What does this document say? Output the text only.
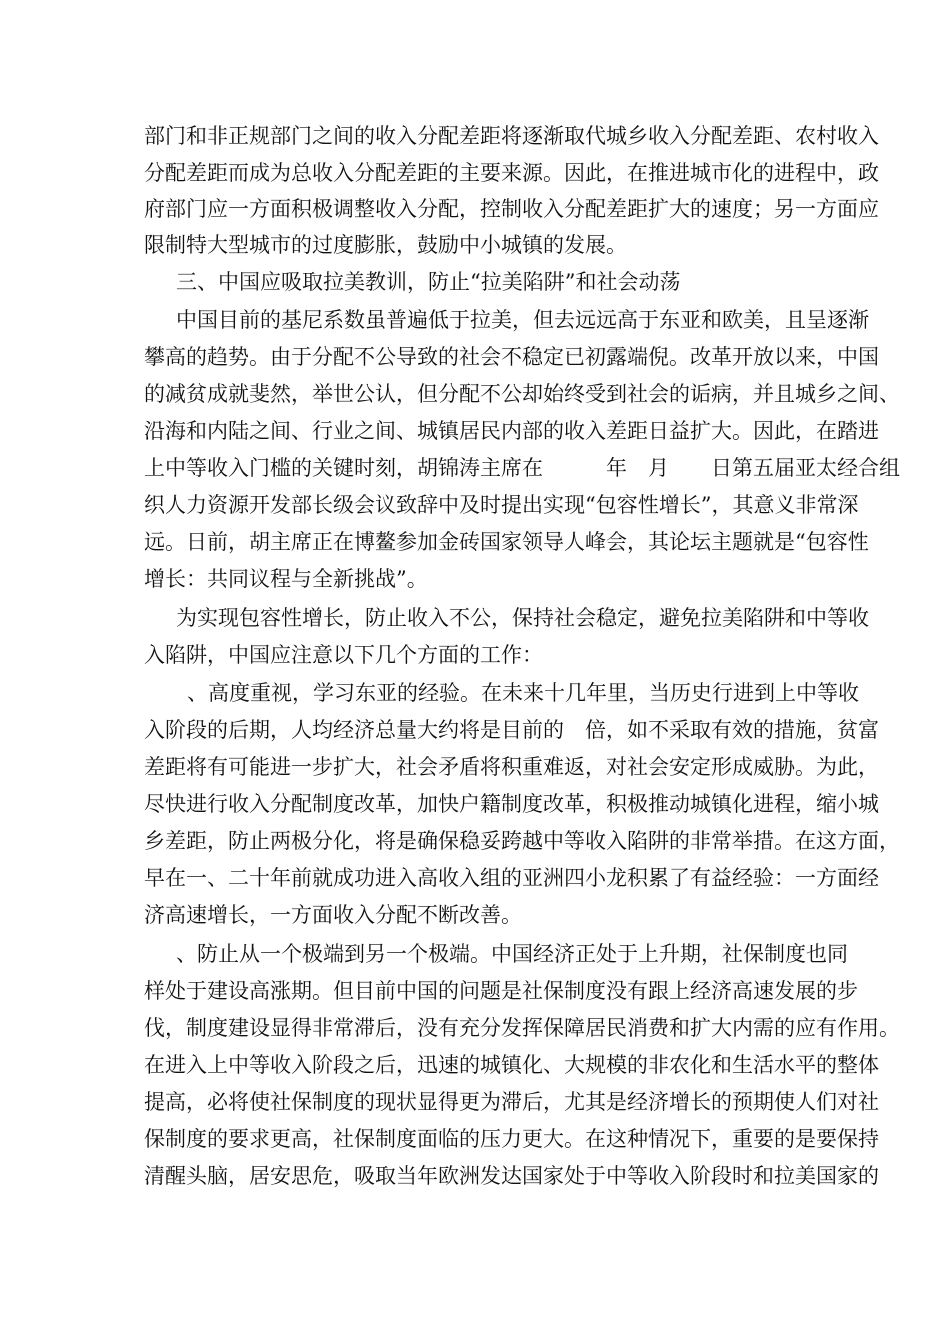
部门和非正规部门之间的收入分配差距将逐渐取代城乡收入分配差距、农村收入
分配差距而成为总收入分配差距的主要来源。因此，在推进城市化的进程中，政
府部门应一方面积极调整收入分配，控制收入分配差距扩大的速度；另一方面应
限制特大型城市的过度膨胀，鼓励中小城镇的发展。
三、中国应吸取拉美教训，防止“拉美陷阱”和社会动荡
中国目前的基尼系数虽普遍低于拉美，但去远远高于东亚和欧美，且呈逐渐
攀高的趋势。由于分配不公导致的社会不稳定已初露端倪。改革开放以来，中国
的减贫成就斐然，举世公认，但分配不公却始终受到社会的诟病，并且城乡之间、
沿海和内陆之间、行业之间、城镇居民内部的收入差距日益扩大。因此，在踏进
上中等收入门槛的关键时刻，胡锦涛主席在　　　年　月　　日第五届亚太经合组
织人力资源开发部长级会议致辞中及时提出实现“包容性增长”，其意义非常深
远。日前，胡主席正在博鳌参加金砖国家领导人峰会，其论坛主题就是“包容性
增长：共同议程与全新挑战”。
为实现包容性增长，防止收入不公，保持社会稳定，避免拉美陷阱和中等收
入陷阱，中国应注意以下几个方面的工作：
、高度重视，学习东亚的经验。在未来十几年里，当历史行进到上中等收
入阶段的后期，人均经济总量大约将是目前的　倍，如不采取有效的措施，贫富
差距将有可能进一步扩大，社会矛盾将积重难返，对社会安定形成威胁。为此，
尽快进行收入分配制度改革，加快户籍制度改革，积极推动城镇化进程，缩小城
乡差距，防止两极分化，将是确保稳妥跨越中等收入陷阱的非常举措。在这方面，
早在一、二十年前就成功进入高收入组的亚洲四小龙积累了有益经验：一方面经
济高速增长，一方面收入分配不断改善。
、防止从一个极端到另一个极端。中国经济正处于上升期，社保制度也同
样处于建设高涨期。但目前中国的问题是社保制度没有跟上经济高速发展的步
伐，制度建设显得非常滞后，没有充分发挥保障居民消费和扩大内需的应有作用。
在进入上中等收入阶段之后，迅速的城镇化、大规模的非农化和生活水平的整体
提高，必将使社保制度的现状显得更为滞后，尤其是经济增长的预期使人们对社
保制度的要求更高，社保制度面临的压力更大。在这种情况下，重要的是要保持
清醒头脑，居安思危，吸取当年欧洲发达国家处于中等收入阶段时和拉美国家的
